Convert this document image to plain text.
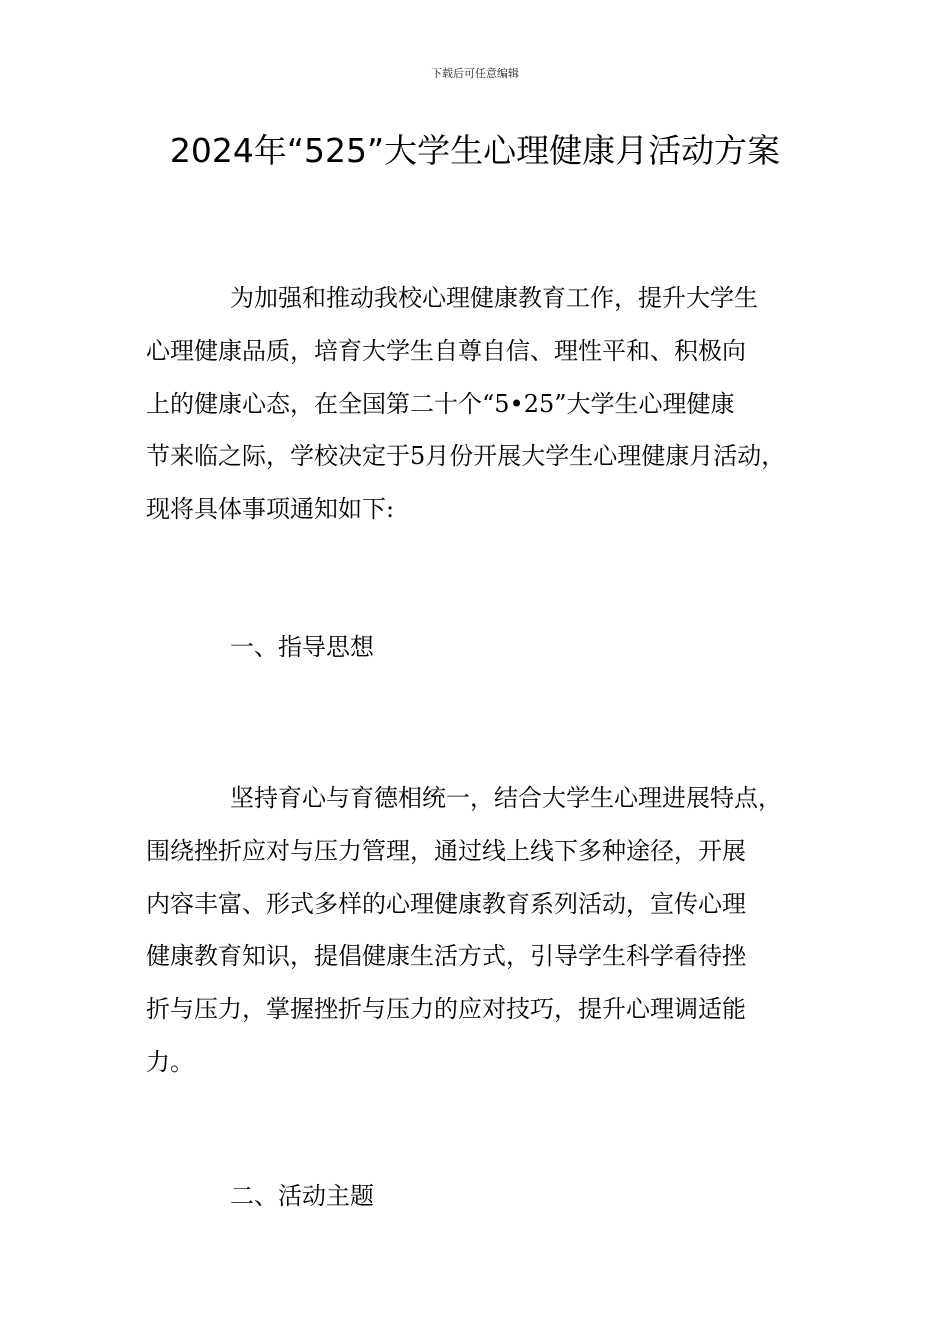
下载后可任意编辑
2024年“525”大学生心理健康月活动方案
为加强和推动我校心理健康教育工作，提升大学生
心理健康品质，培育大学生自尊自信、理性平和、积极向
上的健康心态，在全国第二十个“5•25”大学生心理健康
节来临之际，学校决定于5月份开展大学生心理健康月活动，
现将具体事项通知如下:
一、指导思想
坚持育心与育德相统一，结合大学生心理进展特点，
围绕挫折应对与压力管理，通过线上线下多种途径，开展
内容丰富、形式多样的心理健康教育系列活动，宣传心理
健康教育知识，提倡健康生活方式，引导学生科学看待挫
折与压力，掌握挫折与压力的应对技巧，提升心理调适能
力。
二、活动主题
